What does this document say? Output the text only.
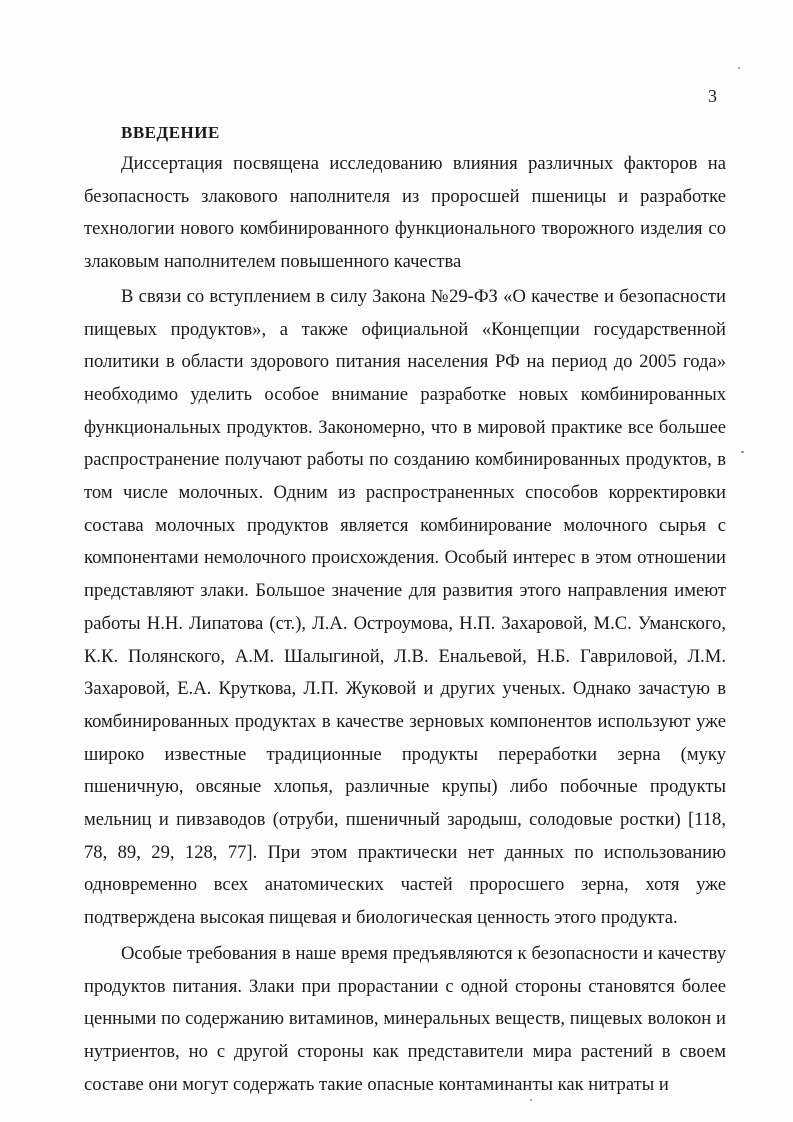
3
ВВЕДЕНИЕ

Диссертация посвящена исследованию влияния различных факторов на безопасность злакового наполнителя из проросшей пшеницы и разработке технологии нового комбинированного функционального творожного изделия со злаковым наполнителем повышенного качества

В связи со вступлением в силу Закона №29-ФЗ «О качестве и безопасности пищевых продуктов», а также официальной «Концепции государственной политики в области здорового питания населения РФ на период до 2005 года» необходимо уделить особое внимание разработке новых комбинированных функциональных продуктов. Закономерно, что в мировой практике все большее распространение получают работы по созданию комбинированных продуктов, в том числе молочных. Одним из распространенных способов корректировки состава молочных продуктов является комбинирование молочного сырья с компонентами немолочного происхождения. Особый интерес в этом отношении представляют злаки. Большое значение для развития этого направления имеют работы Н.Н. Липатова (ст.), Л.А. Остроумова, Н.П. Захаровой, М.С. Уманского, К.К. Полянского, А.М. Шалыгиной, Л.В. Енальевой, Н.Б. Гавриловой, Л.М. Захаровой, Е.А. Круткова, Л.П. Жуковой и других ученых. Однако зачастую в комбинированных продуктах в качестве зерновых компонентов используют уже широко известные традиционные продукты переработки зерна (муку пшеничную, овсяные хлопья, различные крупы) либо побочные продукты мельниц и пивзаводов (отруби, пшеничный зародыш, солодовые ростки) [118, 78, 89, 29, 128, 77]. При этом практически нет данных по использованию одновременно всех анатомических частей проросшего зерна, хотя уже подтверждена высокая пищевая и биологическая ценность этого продукта.

Особые требования в наше время предъявляются к безопасности и качеству продуктов питания. Злаки при прорастании с одной стороны становятся более ценными по содержанию витаминов, минеральных веществ, пищевых волокон и нутриентов, но с другой стороны как представители мира растений в своем составе они могут содержать такие опасные контаминанты как нитраты и
